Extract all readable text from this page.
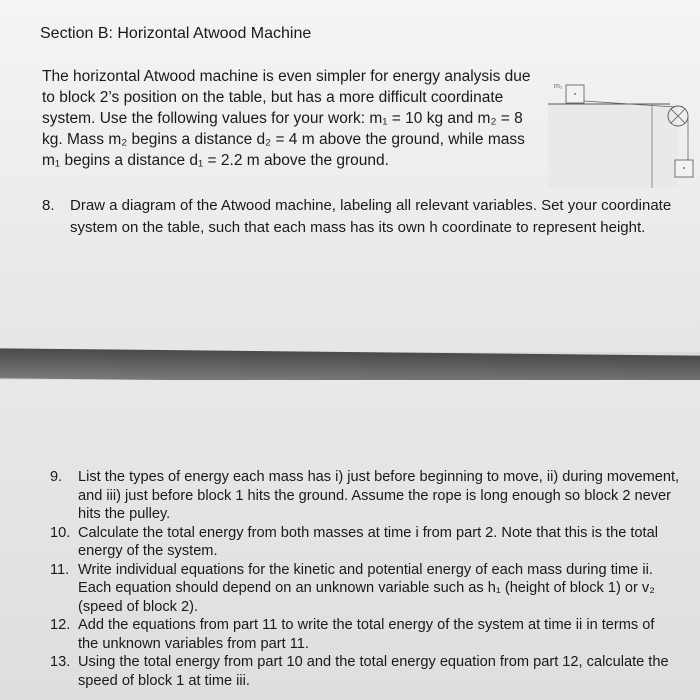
Section B: Horizontal Atwood Machine
The horizontal Atwood machine is even simpler for energy analysis due
to block 2’s position on the table, but has a more difficult coordinate
system. Use the following values for your work: m₁ = 10 kg and m₂ = 8
kg. Mass m₂ begins a distance d₂ = 4 m above the ground, while mass
m₁ begins a distance d₁ = 2.2 m above the ground.
m₂
8. Draw a diagram of the Atwood machine, labeling all relevant variables. Set your coordinate
system on the table, such that each mass has its own h coordinate to represent height.
9.	List the types of energy each mass has i) just before beginning to move, ii) during movement,
and iii) just before block 1 hits the ground. Assume the rope is long enough so block 2 never
hits the pulley.
10. Calculate the total energy from both masses at time i from part 2. Note that this is the total
energy of the system.
11. Write individual equations for the kinetic and potential energy of each mass during time ii.
Each equation should depend on an unknown variable such as h₁ (height of block 1) or v₂
(speed of block 2).
12. Add the equations from part 11 to write the total energy of the system at time ii in terms of
the unknown variables from part 11.
13. Using the total energy from part 10 and the total energy equation from part 12, calculate the
speed of block 1 at time iii.
